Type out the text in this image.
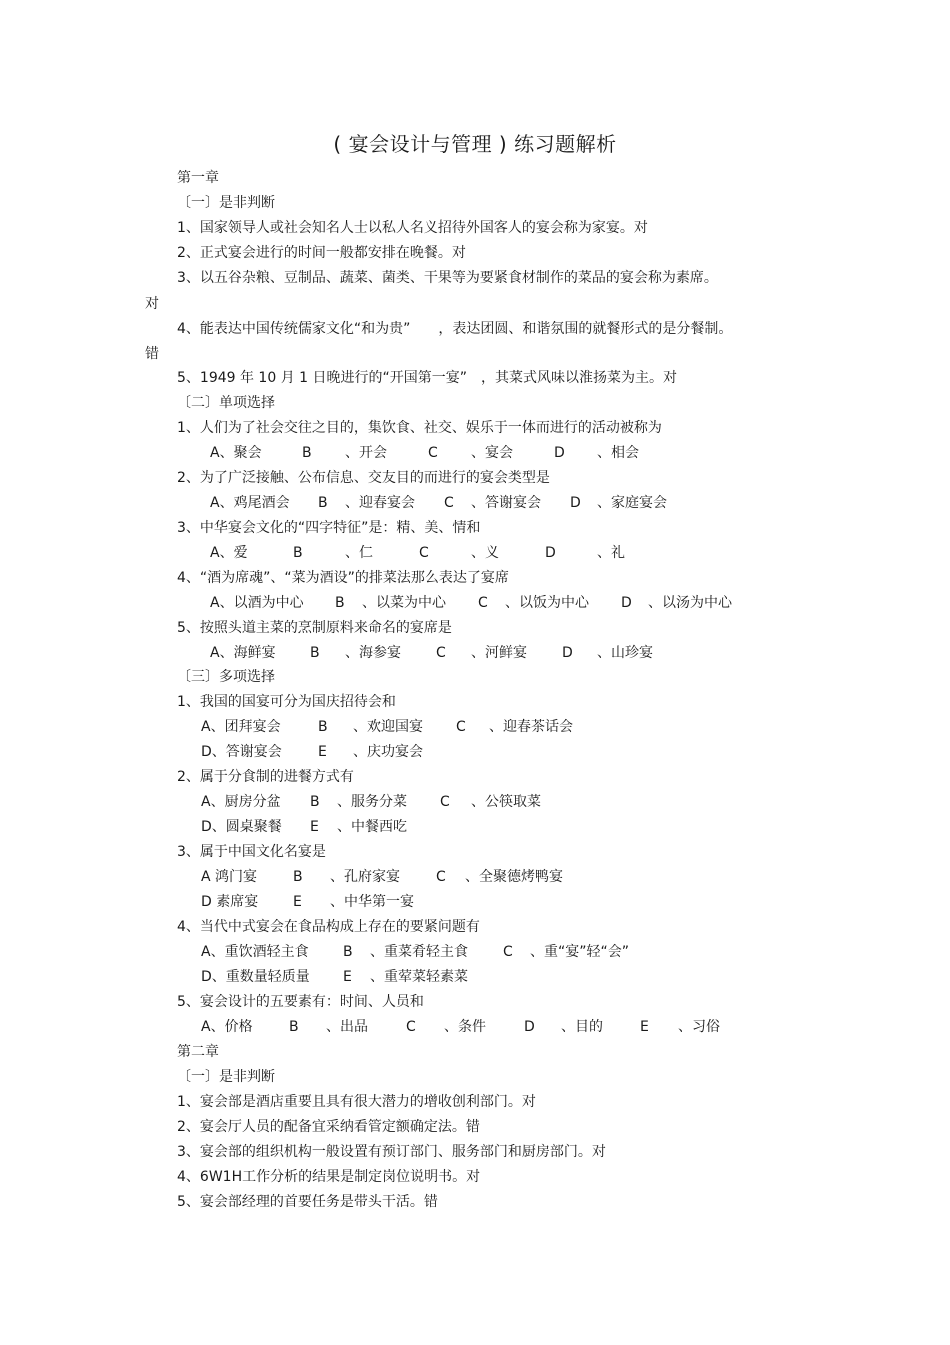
( 宴会设计与管理 ) 练习题解析
第一章
〔一〕是非判断
1、国家领导人或社会知名人士以私人名义招待外国客人的宴会称为家宴。对
2、正式宴会进行的时间一般都安排在晚餐。对
3、以五谷杂粮、豆制品、蔬菜、菌类、干果等为要紧食材制作的菜品的宴会称为素席。
对
4、能表达中国传统儒家文化“和为贵”　　，表达团圆、和谐氛围的就餐形式的是分餐制。
错
5、1949 年 10 月 1 日晚进行的“开国第一宴”　，其菜式风味以淮扬菜为主。对
〔二〕单项选择
1、人们为了社会交往之目的，集饮食、社交、娱乐于一体而进行的活动被称为
A、聚会	B 、开会	C 、宴会	D 、相会
2、为了广泛接触、公布信息、交友目的而进行的宴会类型是
A、鸡尾酒会 B 、迎春宴会 C 、答谢宴会 D 、家庭宴会
3、中华宴会文化的“四字特征”是：精、美、情和
A、爱	B	、仁	C	、义	D	、礼
4、“酒为席魂”、“菜为酒设”的排菜法那么表达了宴席
A、以酒为中心 B 、以菜为中心 C 、以饭为中心 D 、以汤为中心
5、按照头道主菜的烹制原料来命名的宴席是
A、海鲜宴 B 、海参宴	C 、河鲜宴	D 、山珍宴
〔三〕多项选择
1、我国的国宴可分为国庆招待会和
A、团拜宴会	B 、欢迎国宴 C 、迎春茶话会
D、答谢宴会	E 、庆功宴会
2、属于分食制的进餐方式有
A、厨房分盆 B 、服务分菜 C 、公筷取菜
D、圆桌聚餐 E 、中餐西吃
3、属于中国文化名宴是
A 鸿门宴	B 、孔府家宴	C 、全聚德烤鸭宴
D 素席宴 E 、中华第一宴
4、当代中式宴会在食品构成上存在的要紧问题有
A、重饮酒轻主食 B 、重菜肴轻主食	C 、重“宴”轻“会”
D、重数量轻质量 E 、重荤菜轻素菜
5、宴会设计的五要素有：时间、人员和
A、价格	B 、出品	C 、条件	D 、目的	E 、习俗
第二章
〔一〕是非判断
1、宴会部是酒店重要且具有很大潜力的增收创利部门。对
2、宴会厅人员的配备宜采纳看管定额确定法。错
3、宴会部的组织机构一般设置有预订部门、服务部门和厨房部门。对
4、6W1H工作分析的结果是制定岗位说明书。对
5、宴会部经理的首要任务是带头干活。错
